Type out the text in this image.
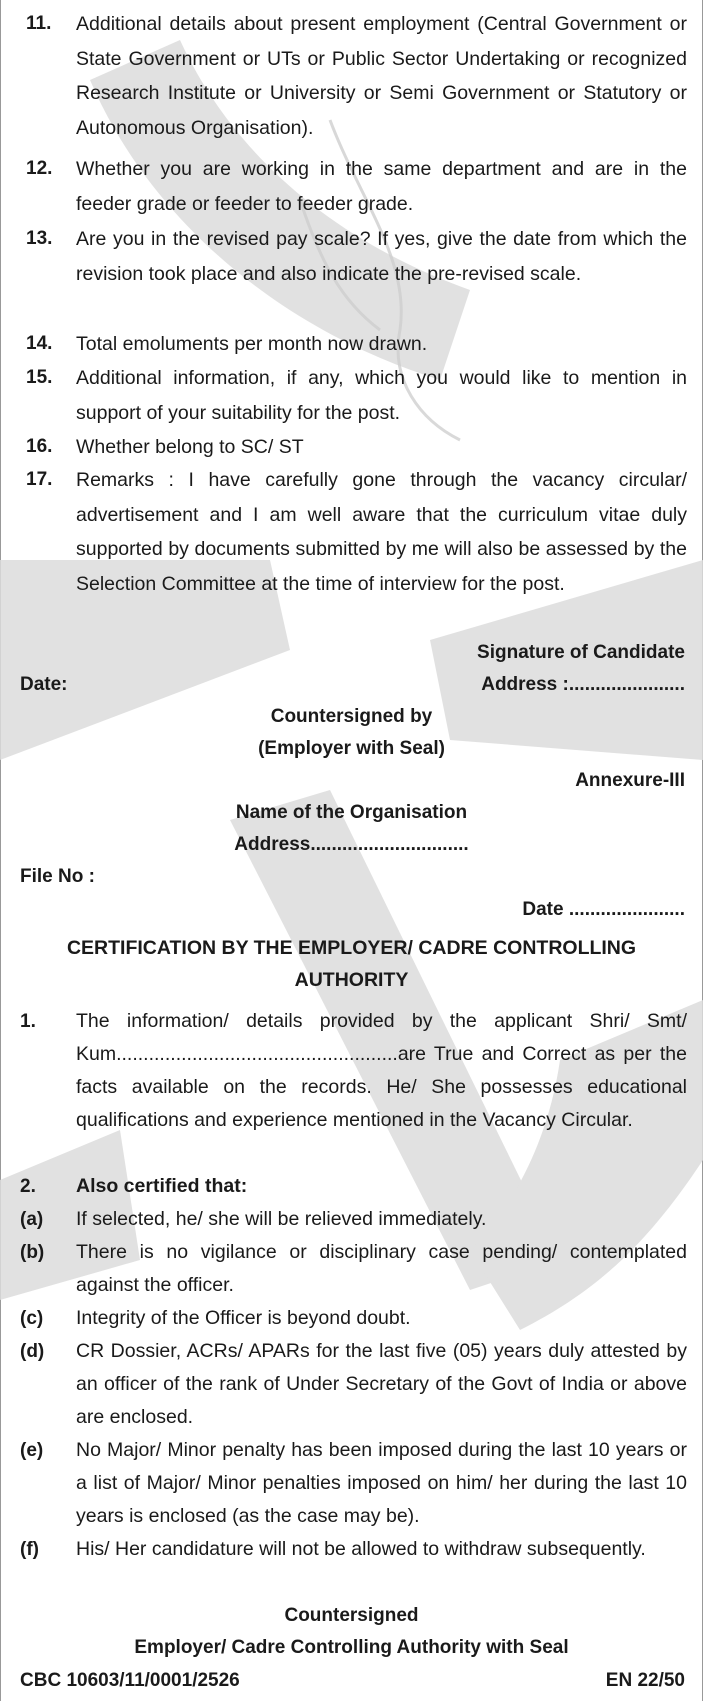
11. Additional details about present employment (Central Government or State Government or UTs or Public Sector Undertaking or recognized Research Institute or University or Semi Government or Statutory or Autonomous Organisation).
12. Whether you are working in the same department and are in the feeder grade or feeder to feeder grade.
13. Are you in the revised pay scale? If yes, give the date from which the revision took place and also indicate the pre-revised scale.
14. Total emoluments per month now drawn.
15. Additional information, if any, which you would like to mention in support of your suitability for the post.
16. Whether belong to SC/ ST
17. Remarks : I have carefully gone through the vacancy circular/ advertisement and I am well aware that the curriculum vitae duly supported by documents submitted by me will also be assessed by the Selection Committee at the time of interview for the post.
Signature of Candidate
Date:	Address :......................
Countersigned by
(Employer with Seal)
Annexure-III
Name of the Organisation
Address..............................
File No :
Date ......................
CERTIFICATION BY THE EMPLOYER/ CADRE CONTROLLING
AUTHORITY
1. The information/ details provided by the applicant Shri/ Smt/ Kum....................................................are True and Correct as per the facts available on the records. He/ She possesses educational qualifications and experience mentioned in the Vacancy Circular.
2. Also certified that:
(a) If selected, he/ she will be relieved immediately.
(b) There is no vigilance or disciplinary case pending/ contemplated against the officer.
(c) Integrity of the Officer is beyond doubt.
(d) CR Dossier, ACRs/ APARs for the last five (05) years duly attested by an officer of the rank of Under Secretary of the Govt of India or above are enclosed.
(e) No Major/ Minor penalty has been imposed during the last 10 years or a list of Major/ Minor penalties imposed on him/ her during the last 10 years is enclosed (as the case may be).
(f) His/ Her candidature will not be allowed to withdraw subsequently.
Countersigned
Employer/ Cadre Controlling Authority with Seal
CBC 10603/11/0001/2526	EN 22/50
